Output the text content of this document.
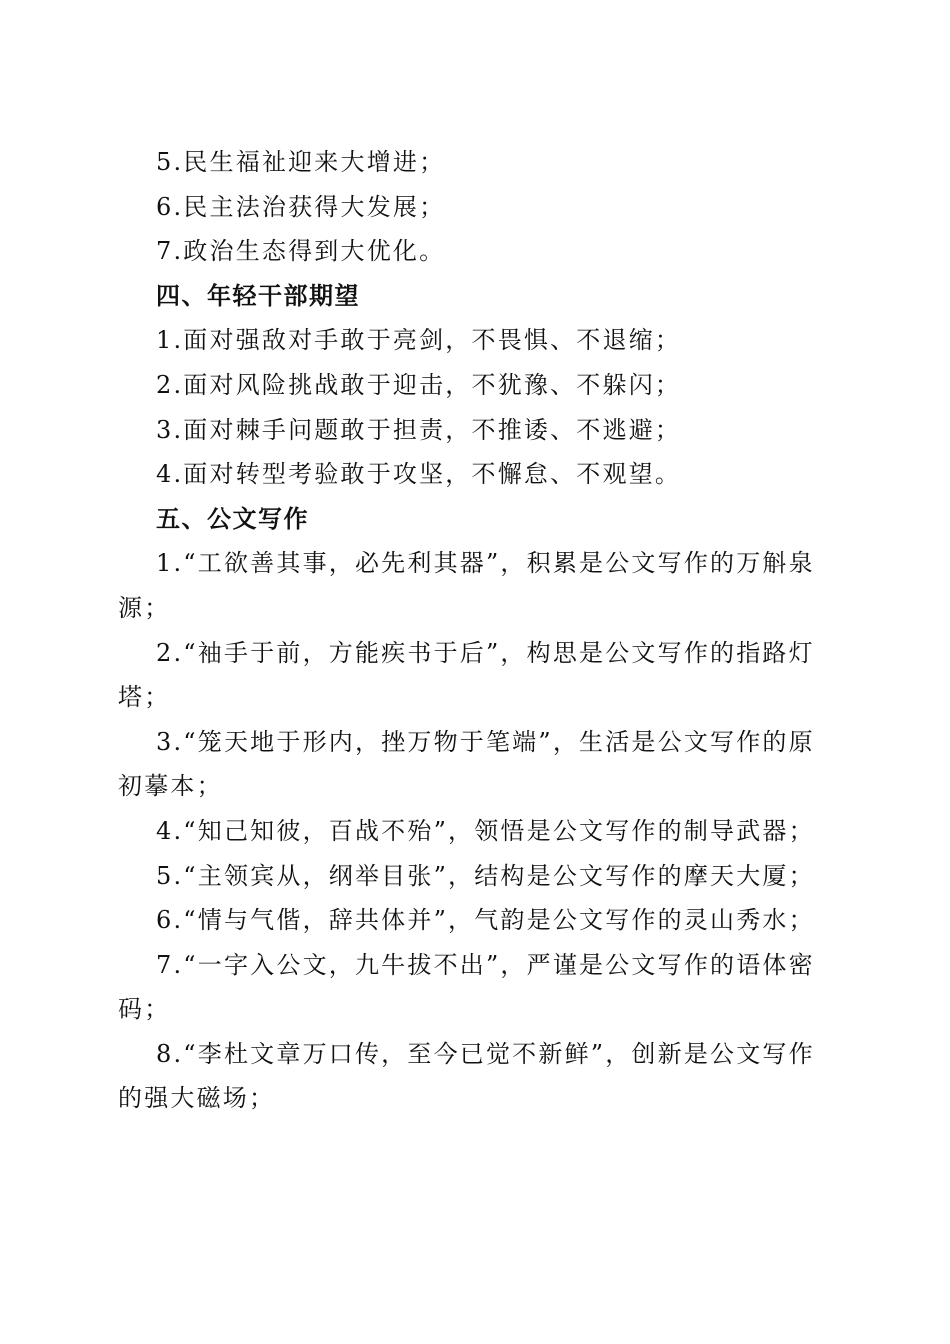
5.民生福祉迎来大增进；
6.民主法治获得大发展；
7.政治生态得到大优化。
四、年轻干部期望
1.面对强敌对手敢于亮剑，不畏惧、不退缩；
2.面对风险挑战敢于迎击，不犹豫、不躲闪；
3.面对棘手问题敢于担责，不推诿、不逃避；
4.面对转型考验敢于攻坚，不懈怠、不观望。
五、公文写作
1.“工欲善其事，必先利其器”，积累是公文写作的万斛泉
源；
2.“袖手于前，方能疾书于后”，构思是公文写作的指路灯
塔；
3.“笼天地于形内，挫万物于笔端”，生活是公文写作的原
初摹本；
4.“知己知彼，百战不殆”，领悟是公文写作的制导武器；
5.“主领宾从，纲举目张”，结构是公文写作的摩天大厦；
6.“情与气偕，辞共体并”，气韵是公文写作的灵山秀水；
7.“一字入公文，九牛拔不出”，严谨是公文写作的语体密
码；
8.“李杜文章万口传，至今已觉不新鲜”，创新是公文写作
的强大磁场；
